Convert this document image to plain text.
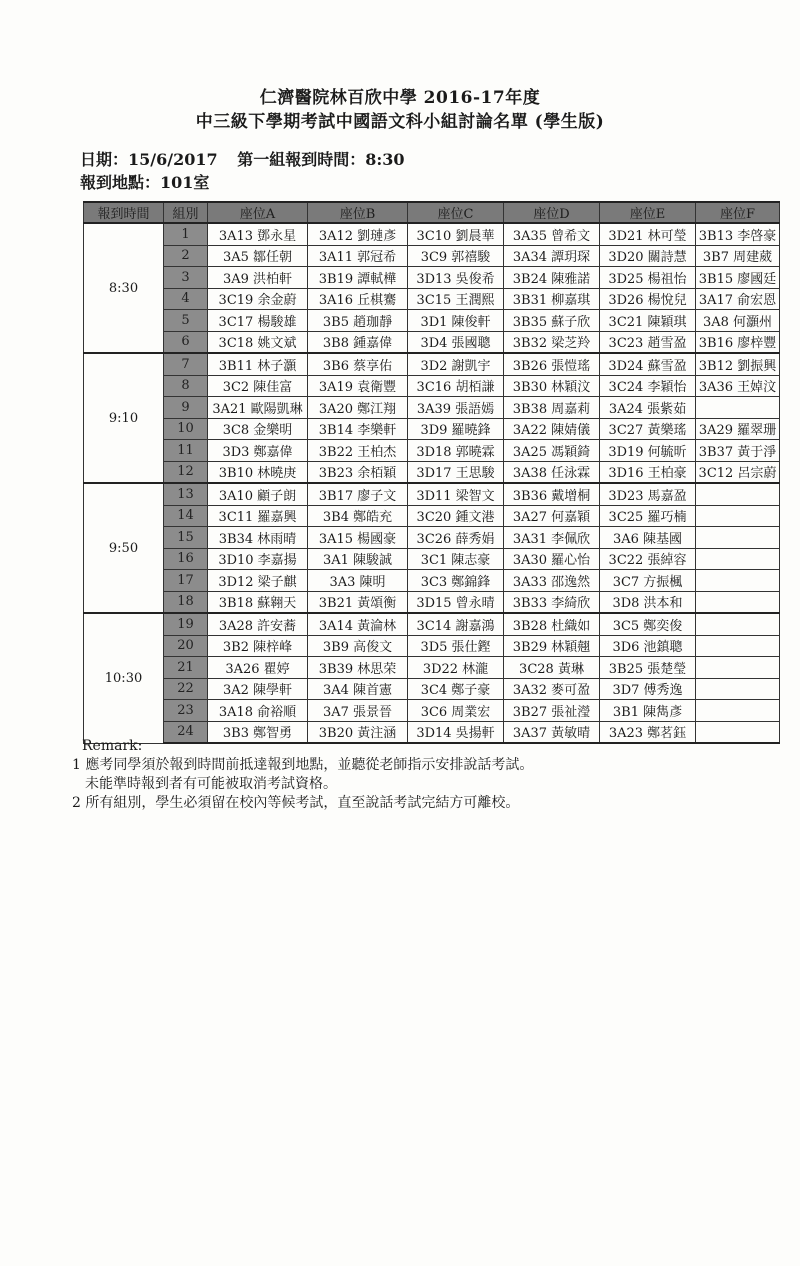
仁濟醫院林百欣中學 2016-17年度
中三級下學期考試中國語文科小組討論名單 (學生版)
日期：15/6/2017 第一組報到時間：8:30
報到地點：101室
報到時間	組別	座位A	座位B	座位C	座位D	座位E	座位F
8:30	1	3A13 鄧永星	3A12 劉璉彥	3C10 劉晨華	3A35 曾希文	3D21 林可瑩	3B13 李啓豪
	2	3A5 鄒任朝	3A11 郭冠希	3C9 郭禧駿	3A34 譚玥琛	3D20 關詩慧	3B7 周建葳
	3	3A9 洪柏軒	3B19 譚軾樺	3D13 吳俊希	3B24 陳雅諾	3D25 楊祖怡	3B15 廖國廷
	4	3C19 余金蔚	3A16 丘棋騫	3C15 王潤熙	3B31 柳嘉琪	3D26 楊悅兒	3A17 俞宏恩
	5	3C17 楊駿雄	3B5 趙珈靜	3D1 陳俊軒	3B35 蘇子欣	3C21 陳穎琪	3A8 何灝州
	6	3C18 姚文斌	3B8 鍾嘉偉	3D4 張國聰	3B32 梁芝羚	3C23 趙雪盈	3B16 廖梓豐
9:10	7	3B11 林子灝	3B6 蔡享佑	3D2 謝凱宇	3B26 張愷瑤	3D24 蘇雪盈	3B12 劉振興
	8	3C2 陳佳富	3A19 袁衛豐	3C16 胡栢謙	3B30 林穎汶	3C24 李穎怡	3A36 王婥汶
	9	3A21 歐陽凱琳	3A20 鄭江翔	3A39 張語嫣	3B38 周嘉莉	3A24 張紫茹	
	10	3C8 金樂明	3B14 李樂軒	3D9 羅曉鋒	3A22 陳婧儀	3C27 黃樂瑤	3A29 羅翠珊
	11	3D3 鄭嘉偉	3B22 王柏杰	3D18 郭曉霖	3A25 馮穎錡	3D19 何毓昕	3B37 黃于淨
	12	3B10 林曉庚	3B23 余栢穎	3D17 王思駿	3A38 任泳霖	3D16 王柏豪	3C12 呂宗蔚
9:50	13	3A10 顧子朗	3B17 廖子文	3D11 梁智文	3B36 戴增桐	3D23 馬嘉盈	
	14	3C11 羅嘉興	3B4 鄭皓充	3C20 鍾文港	3A27 何嘉穎	3C25 羅巧楠	
	15	3B34 林雨晴	3A15 楊國豪	3C26 薛秀娟	3A31 李佩欣	3A6 陳基國	
	16	3D10 李嘉揚	3A1 陳駿誠	3C1 陳志豪	3A30 羅心怡	3C22 張綽容	
	17	3D12 梁子麒	3A3 陳明	3C3 鄭錦鋒	3A33 邵逸然	3C7 方振楓	
	18	3B18 蘇翱天	3B21 黃頌衡	3D15 曾永晴	3B33 李綺欣	3D8 洪本和	
10:30	19	3A28 許安蕎	3A14 黃淪林	3C14 謝嘉鴻	3B28 杜織如	3C5 鄭奕俊	
	20	3B2 陳梓峰	3B9 高俊文	3D5 張仕鏗	3B29 林穎翹	3D6 池鎮聰	
	21	3A26 瞿婷	3B39 林思荣	3D22 林瀧	3C28 黃琳	3B25 張楚瑩	
	22	3A2 陳學軒	3A4 陳首憲	3C4 鄭子豪	3A32 麥可盈	3D7 傅秀逸	
	23	3A18 俞裕順	3A7 張景晉	3C6 周業宏	3B27 張祉瀅	3B1 陳雋彥	
	24	3B3 鄭智勇	3B20 黃注涵	3D14 吳揚軒	3A37 黃敏晴	3A23 鄭茗鈺	
Remark:
1 應考同學須於報到時間前抵達報到地點，並聽從老師指示安排說話考試。
未能準時報到者有可能被取消考試資格。
2 所有組別，學生必須留在校內等候考試，直至說話考試完結方可離校。
